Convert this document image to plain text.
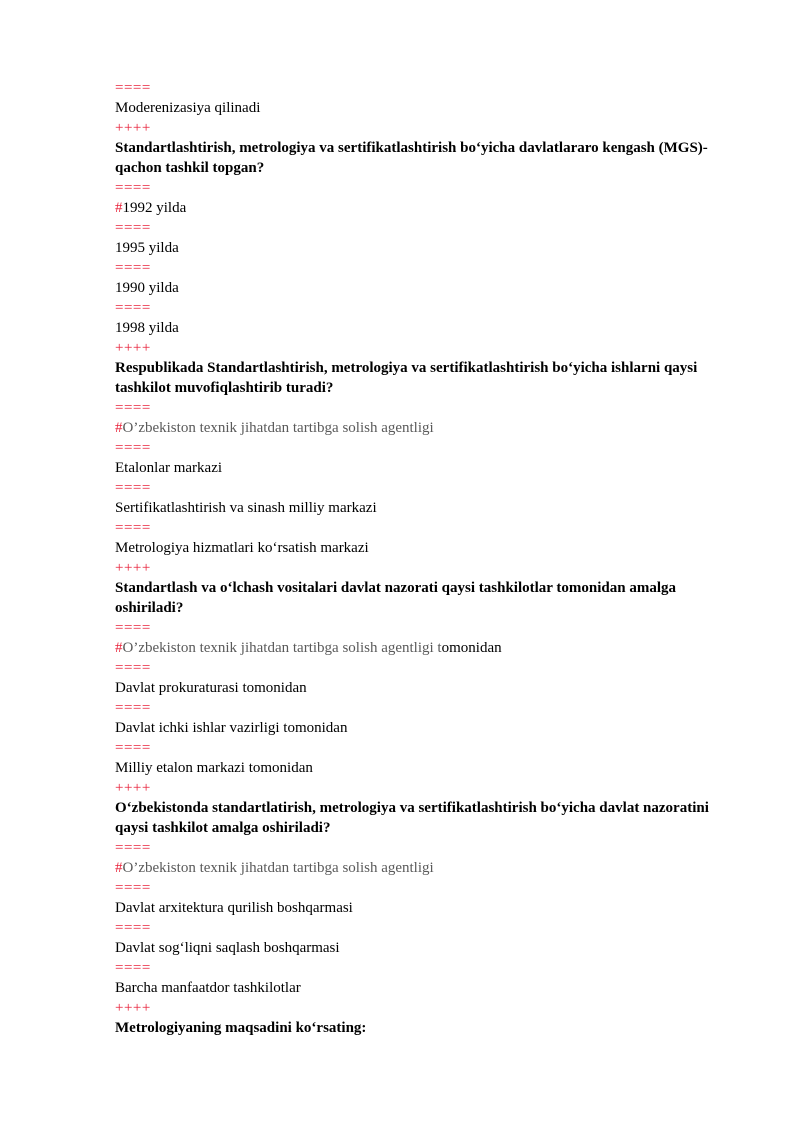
====
Moderenizasiya qilinadi
++++
Standartlashtirish, metrologiya va sertifikatlashtirish bo‘yicha davlatlararo kengash (MGS)- qachon tashkil topgan?
====
#1992 yilda
====
1995 yilda
====
1990 yilda
====
1998 yilda
++++
Respublikada Standartlashtirish, metrologiya va sertifikatlashtirish bo‘yicha ishlarni qaysi tashkilot muvofiqlashtirib turadi?
====
#O’zbekiston texnik jihatdan tartibga solish agentligi
====
Etalonlar markazi
====
Sertifikatlashtirish va sinash milliy markazi
====
Metrologiya hizmatlari ko‘rsatish markazi
++++
Standartlash va o‘lchash vositalari davlat nazorati qaysi tashkilotlar tomonidan amalga oshiriladi?
====
#O’zbekiston texnik jihatdan tartibga solish agentligi tomonidan
====
Davlat prokuraturasi tomonidan
====
Davlat ichki ishlar vazirligi tomonidan
====
Milliy etalon markazi tomonidan
++++
O‘zbekistonda standartlatirish, metrologiya va sertifikatlashtirish bo‘yicha davlat nazoratini qaysi tashkilot amalga oshiriladi?
====
#O’zbekiston texnik jihatdan tartibga solish agentligi
====
Davlat arxitektura qurilish boshqarmasi
====
Davlat sog‘liqni saqlash boshqarmasi
====
Barcha manfaatdor tashkilotlar
++++
Metrologiyaning maqsadini ko‘rsating:
